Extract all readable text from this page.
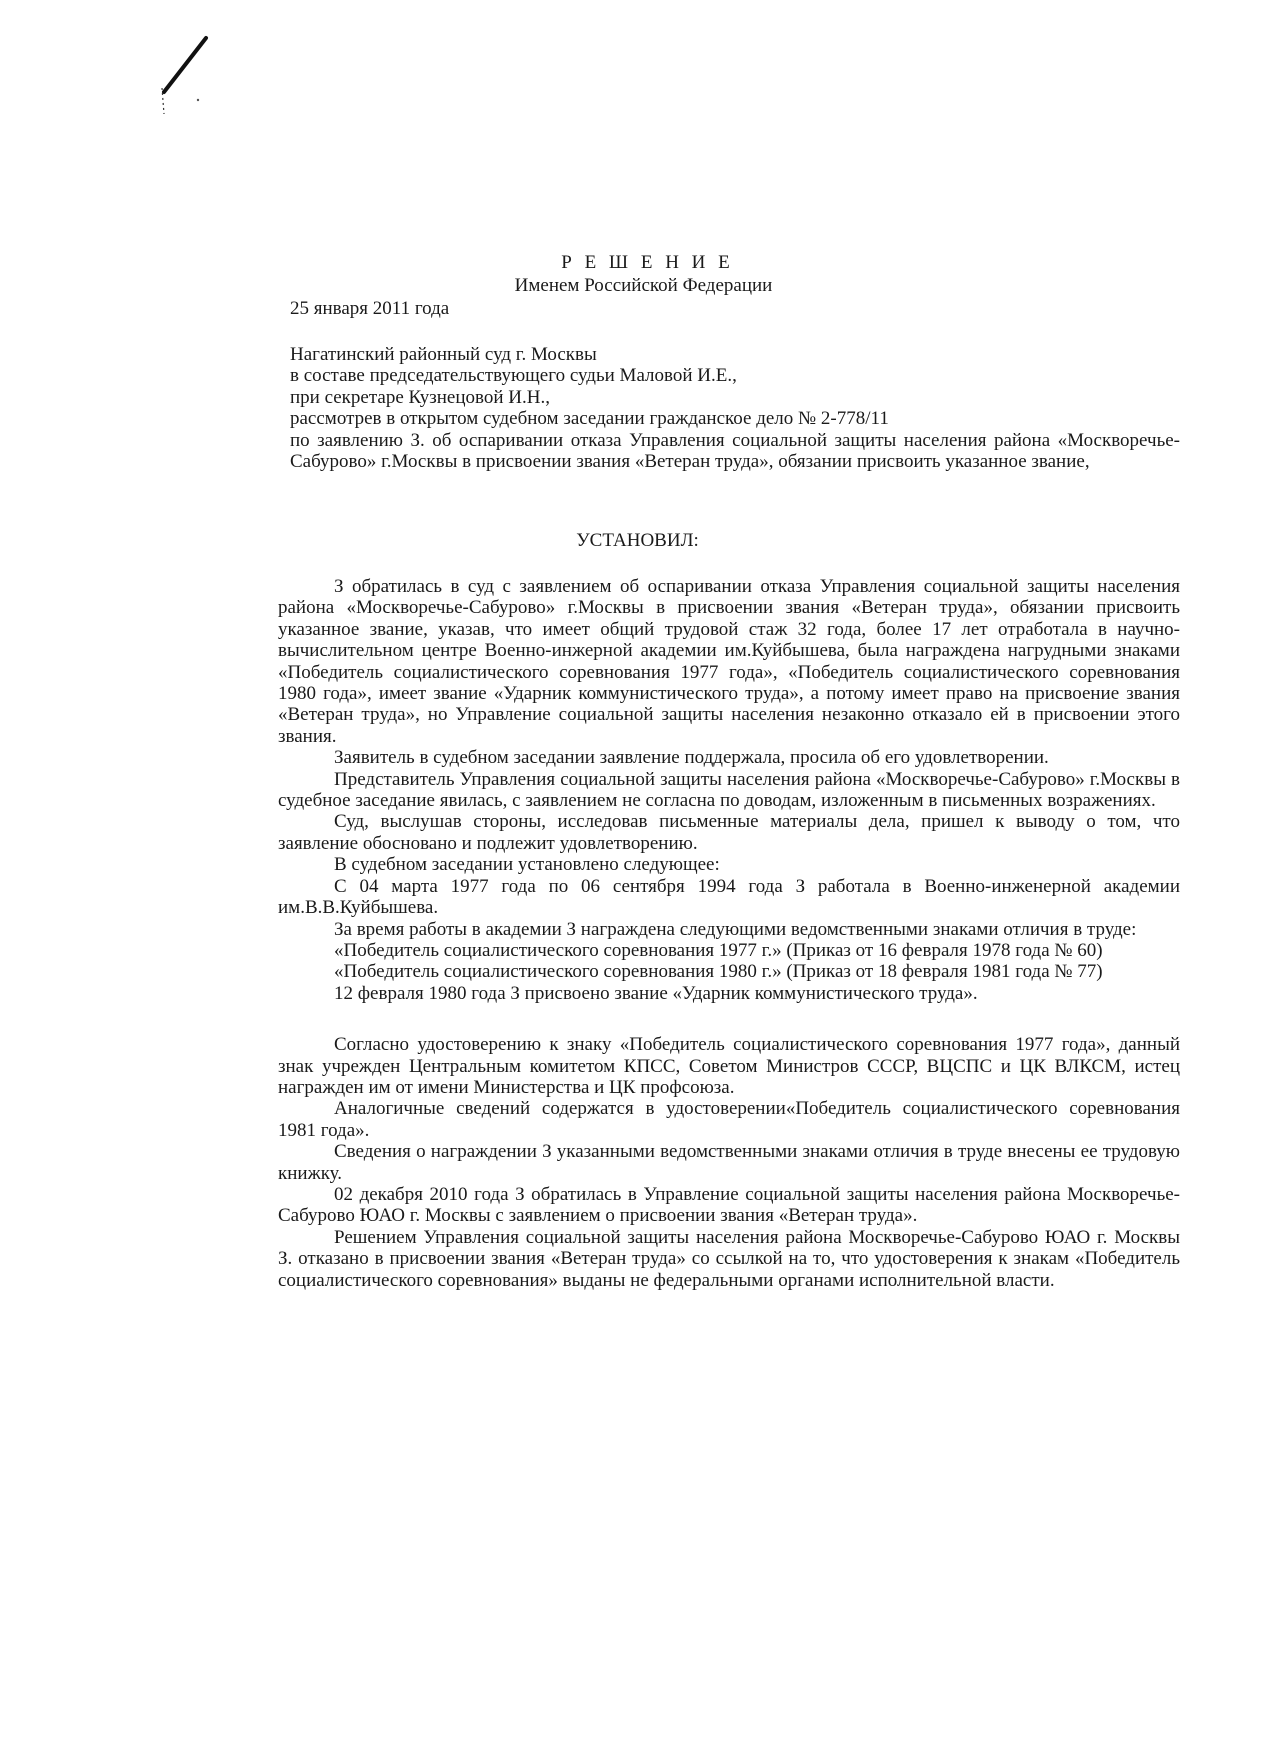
Р Е Ш Е Н И Е
Именем Российской Федерации
25 января 2011 года
Нагатинский районный суд г. Москвы
в составе председательствующего судьи Маловой И.Е.,
при секретаре Кузнецовой И.Н.,
рассмотрев в открытом судебном заседании гражданское дело № 2-778/11
по заявлению З. об оспаривании отказа Управления социальной защиты населения района «Москворечье-Сабурово» г.Москвы в присвоении звания «Ветеран труда», обязании присвоить указанное звание,
УСТАНОВИЛ:

З обратилась в суд с заявлением об оспаривании отказа Управления социальной защиты населения района «Москворечье-Сабурово» г.Москвы в присвоении звания «Ветеран труда», обязании присвоить указанное звание, указав, что имеет общий трудовой стаж 32 года, более 17 лет отработала в научно-вычислительном центре Военно-инжерной академии им.Куйбышева, была награждена нагрудными знаками «Победитель социалистического соревнования 1977 года», «Победитель социалистического соревнования 1980 года», имеет звание «Ударник коммунистического труда», а потому имеет право на присвоение звания «Ветеран труда», но Управление социальной защиты населения незаконно отказало ей в присвоении этого звания.

Заявитель в судебном заседании заявление поддержала, просила об его удовлетворении.

Представитель Управления социальной защиты населения района «Москворечье-Сабурово» г.Москвы в судебное заседание явилась, с заявлением не согласна по доводам, изложенным в письменных возражениях.

Суд, выслушав стороны, исследовав письменные материалы дела, пришел к выводу о том, что заявление обосновано и подлежит удовлетворению.

В судебном заседании установлено следующее:

С 04 марта 1977 года по 06 сентября 1994 года З работала в Военно-инженерной академии им.В.В.Куйбышева.

За время работы в академии З награждена следующими ведомственными знаками отличия в труде:

«Победитель социалистического соревнования 1977 г.» (Приказ от 16 февраля 1978 года № 60)

«Победитель социалистического соревнования 1980 г.» (Приказ от 18 февраля 1981 года № 77)

12 февраля 1980 года З присвоено звание «Ударник коммунистического труда».

Согласно удостоверению к знаку «Победитель социалистического соревнования 1977 года», данный знак учрежден Центральным комитетом КПСС, Советом Министров СССР, ВЦСПС и ЦК ВЛКСМ, истец награжден им от имени Министерства и ЦК профсоюза.

Аналогичные сведений содержатся в удостоверении«Победитель социалистического соревнования 1981 года».

Сведения о награждении З указанными ведомственными знаками отличия в труде внесены ее трудовую книжку.

02 декабря 2010 года З обратилась в Управление социальной защиты населения района Москворечье-Сабурово ЮАО г. Москвы с заявлением о присвоении звания «Ветеран труда».

Решением Управления социальной защиты населения района Москворечье-Сабурово ЮАО г. Москвы З. отказано в присвоении звания «Ветеран труда» со ссылкой на то, что удостоверения к знакам «Победитель социалистического соревнования» выданы не федеральными органами исполнительной власти.
